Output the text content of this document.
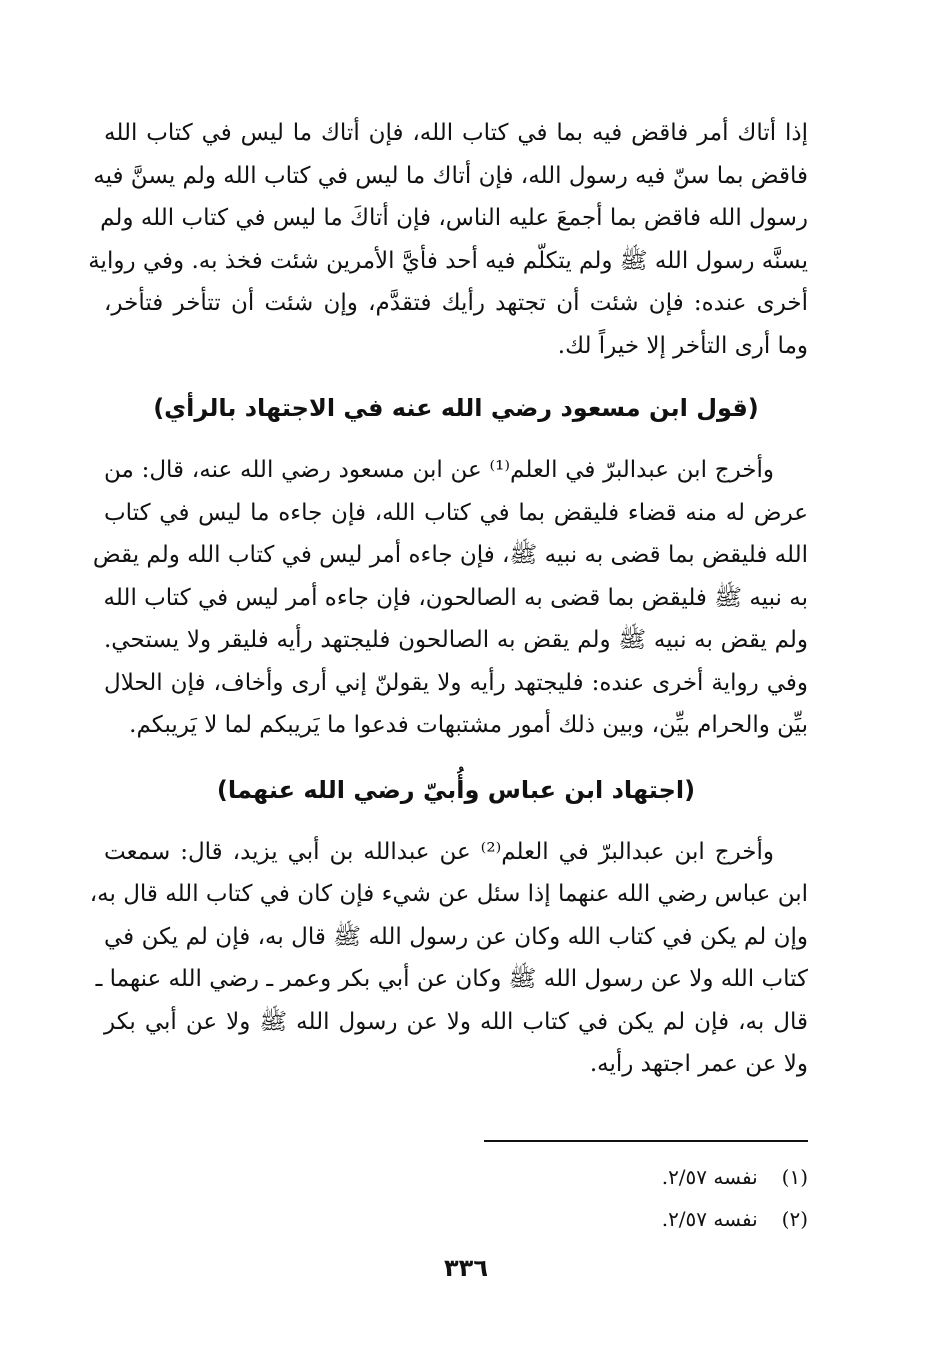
إذا أتاك أمر فاقض فيه بما في كتاب الله، فإن أتاك ما ليس في كتاب الله
فاقض بما سنّ فيه رسول الله، فإن أتاك ما ليس في كتاب الله ولم يسنَّ فيه
رسول الله فاقض بما أجمعَ عليه الناس، فإن أتاكَ ما ليس في كتاب الله ولم
يسنَّه رسول الله ﷺ ولم يتكلّم فيه أحد فأيَّ الأمرين شئت فخذ به. وفي رواية
أخرى عنده: فإن شئت أن تجتهد رأيك فتقدَّم، وإن شئت أن تتأخر فتأخر،
وما أرى التأخر إلا خيراً لك.
(قول ابن مسعود رضي الله عنه في الاجتهاد بالرأي)
وأخرج ابن عبدالبرّ في العلم⁽¹⁾ عن ابن مسعود رضي الله عنه، قال: من
عرض له منه قضاء فليقض بما في كتاب الله، فإن جاءه ما ليس في كتاب
الله فليقض بما قضى به نبيه ﷺ، فإن جاءه أمر ليس في كتاب الله ولم يقض
به نبيه ﷺ فليقض بما قضى به الصالحون، فإن جاءه أمر ليس في كتاب الله
ولم يقض به نبيه ﷺ ولم يقض به الصالحون فليجتهد رأيه فليقر ولا يستحي.
وفي رواية أخرى عنده: فليجتهد رأيه ولا يقولنّ إني أرى وأخاف، فإن الحلال
بيِّن والحرام بيِّن، وبين ذلك أمور مشتبهات فدعوا ما يَريبكم لما لا يَريبكم.
(اجتهاد ابن عباس وأُبيّ رضي الله عنهما)
وأخرج ابن عبدالبرّ في العلم⁽²⁾ عن عبدالله بن أبي يزيد، قال: سمعت
ابن عباس رضي الله عنهما إذا سئل عن شيء فإن كان في كتاب الله قال به،
وإن لم يكن في كتاب الله وكان عن رسول الله ﷺ قال به، فإن لم يكن في
كتاب الله ولا عن رسول الله ﷺ وكان عن أبي بكر وعمر ـ رضي الله عنهما ـ
قال به، فإن لم يكن في كتاب الله ولا عن رسول الله ﷺ ولا عن أبي بكر
ولا عن عمر اجتهد رأيه.
(١) نفسه ٢/٥٧.
(٢) نفسه ٢/٥٧.
٣٣٦
